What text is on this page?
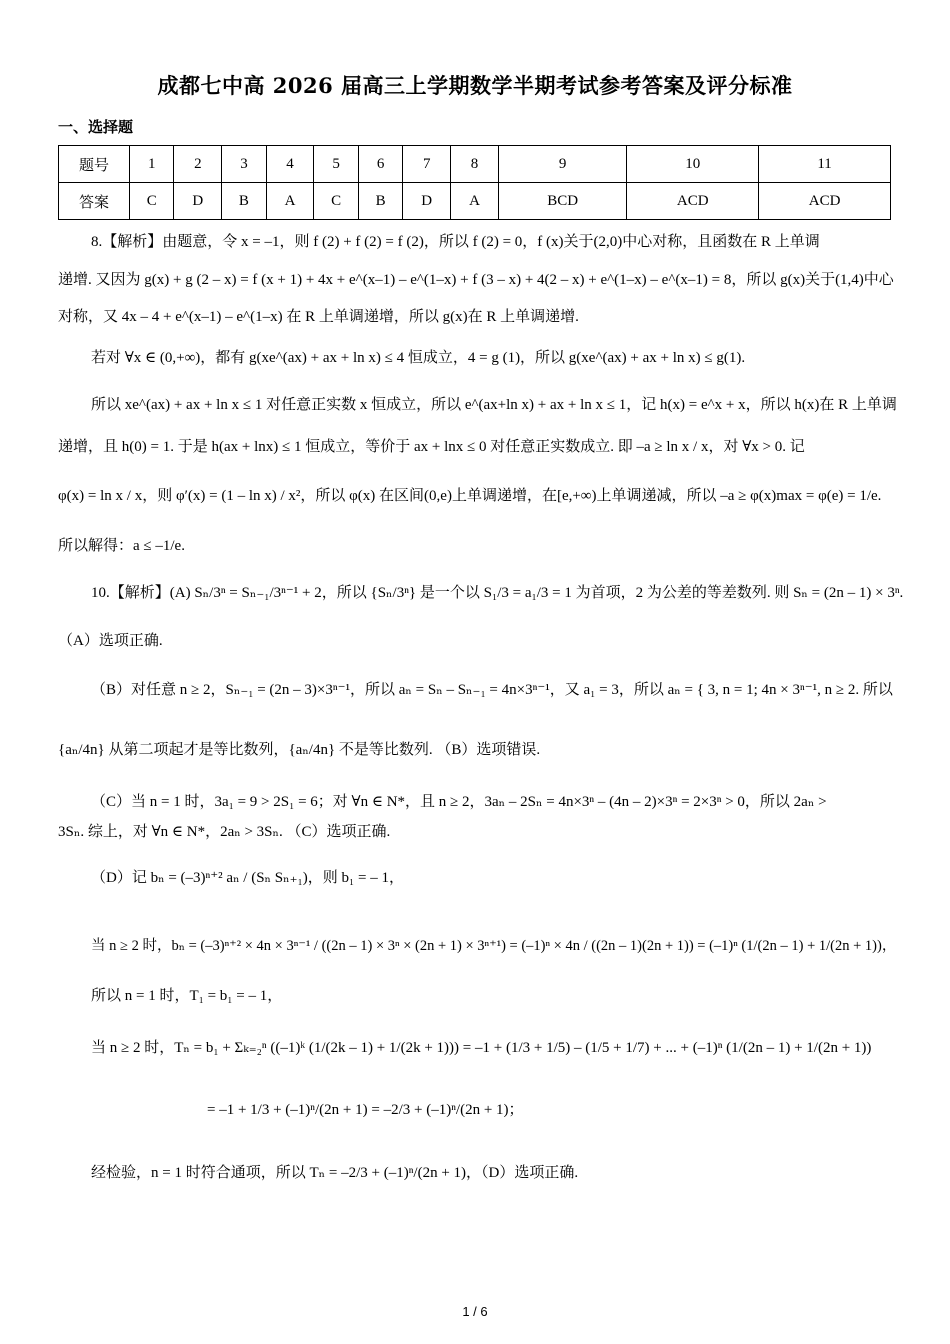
成都七中高 2026 届高三上学期数学半期考试参考答案及评分标准
一、选择题
题号	1	2	3	4	5	6	7	8	9	10	11
答案	C	D	B	A	C	B	D	A	BCD	ACD	ACD
8.【解析】由题意，令 x = –1，则 f (2) + f (2) = f (2)，所以 f (2) = 0，f (x)关于(2,0)中心对称，且函数在 R 上单调
递增. 又因为 g(x) + g (2 – x) = f (x + 1) + 4x + e^(x–1) – e^(1–x) + f (3 – x) + 4(2 – x) + e^(1–x) – e^(x–1) = 8，所以 g(x)关于(1,4)中心
对称，又 4x – 4 + e^(x–1) – e^(1–x) 在 R 上单调递增，所以 g(x)在 R 上单调递增.
若对 ∀x ∈ (0,+∞)，都有 g(xe^(ax) + ax + ln x) ≤ 4 恒成立，4 = g (1)，所以 g(xe^(ax) + ax + ln x) ≤ g(1).
所以 xe^(ax) + ax + ln x ≤ 1 对任意正实数 x 恒成立，所以 e^(ax+ln x) + ax + ln x ≤ 1，记 h(x) = e^x + x，所以 h(x)在 R 上单调
递增，且 h(0) = 1. 于是 h(ax + lnx) ≤ 1 恒成立，等价于 ax + lnx ≤ 0 对任意正实数成立. 即 –a ≥ ln x / x，对 ∀x > 0. 记
φ(x) = ln x / x，则 φ′(x) = (1 – ln x) / x²，所以 φ(x) 在区间(0,e)上单调递增，在[e,+∞)上单调递减，所以 –a ≥ φ(x)max = φ(e) = 1/e.
所以解得：a ≤ –1/e.
10.【解析】(A) Sₙ/3ⁿ = Sₙ₋₁/3ⁿ⁻¹ + 2，所以 {Sₙ/3ⁿ} 是一个以 S₁/3 = a₁/3 = 1 为首项，2 为公差的等差数列. 则 Sₙ = (2n – 1) × 3ⁿ.
（A）选项正确.
（B）对任意 n ≥ 2，Sₙ₋₁ = (2n – 3)×3ⁿ⁻¹，所以 aₙ = Sₙ – Sₙ₋₁ = 4n×3ⁿ⁻¹，又 a₁ = 3，所以 aₙ = { 3, n = 1; 4n × 3ⁿ⁻¹, n ≥ 2. 所以
{aₙ/4n} 从第二项起才是等比数列，{aₙ/4n} 不是等比数列. （B）选项错误.
（C）当 n = 1 时，3a₁ = 9 > 2S₁ = 6；对 ∀n ∈ N*，且 n ≥ 2，3aₙ – 2Sₙ = 4n×3ⁿ – (4n – 2)×3ⁿ = 2×3ⁿ > 0，所以 2aₙ >
3Sₙ. 综上，对 ∀n ∈ N*，2aₙ > 3Sₙ. （C）选项正确.
（D）记 bₙ = (–3)ⁿ⁺² aₙ / (Sₙ Sₙ₊₁)，则 b₁ = – 1，
当 n ≥ 2 时，bₙ = (–3)ⁿ⁺² × 4n × 3ⁿ⁻¹ / ((2n – 1) × 3ⁿ × (2n + 1) × 3ⁿ⁺¹) = (–1)ⁿ × 4n / ((2n – 1)(2n + 1)) = (–1)ⁿ (1/(2n – 1) + 1/(2n + 1))，
所以 n = 1 时，T₁ = b₁ = – 1，
当 n ≥ 2 时，Tₙ = b₁ + Σₖ₌₂ⁿ ((–1)ᵏ (1/(2k – 1) + 1/(2k + 1))) = –1 + (1/3 + 1/5) – (1/5 + 1/7) + ... + (–1)ⁿ (1/(2n – 1) + 1/(2n + 1))
= –1 + 1/3 + (–1)ⁿ/(2n + 1) = –2/3 + (–1)ⁿ/(2n + 1)；
经检验，n = 1 时符合通项，所以 Tₙ = –2/3 + (–1)ⁿ/(2n + 1)，（D）选项正确.
1 / 6
